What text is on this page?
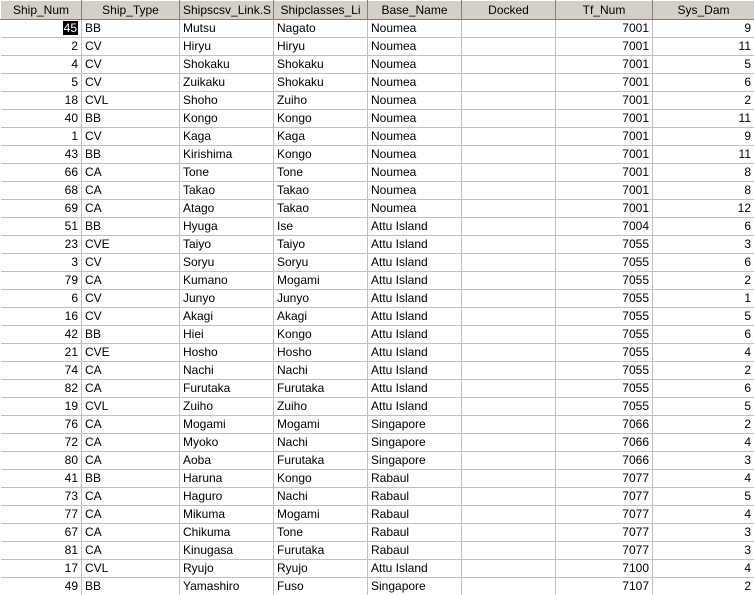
Ship_Num	Ship_Type	Shipscsv_Link.S	Shipclasses_Li	Base_Name	Docked	Tf_Num	Sys_Dam
45	BB	Mutsu	Nagato	Noumea		7001	9
2	CV	Hiryu	Hiryu	Noumea		7001	11
4	CV	Shokaku	Shokaku	Noumea		7001	5
5	CV	Zuikaku	Shokaku	Noumea		7001	6
18	CVL	Shoho	Zuiho	Noumea		7001	2
40	BB	Kongo	Kongo	Noumea		7001	11
1	CV	Kaga	Kaga	Noumea		7001	9
43	BB	Kirishima	Kongo	Noumea		7001	11
66	CA	Tone	Tone	Noumea		7001	8
68	CA	Takao	Takao	Noumea		7001	8
69	CA	Atago	Takao	Noumea		7001	12
51	BB	Hyuga	Ise	Attu Island		7004	6
23	CVE	Taiyo	Taiyo	Attu Island		7055	3
3	CV	Soryu	Soryu	Attu Island		7055	6
79	CA	Kumano	Mogami	Attu Island		7055	2
6	CV	Junyo	Junyo	Attu Island		7055	1
16	CV	Akagi	Akagi	Attu Island		7055	5
42	BB	Hiei	Kongo	Attu Island		7055	6
21	CVE	Hosho	Hosho	Attu Island		7055	4
74	CA	Nachi	Nachi	Attu Island		7055	2
82	CA	Furutaka	Furutaka	Attu Island		7055	6
19	CVL	Zuiho	Zuiho	Attu Island		7055	5
76	CA	Mogami	Mogami	Singapore		7066	2
72	CA	Myoko	Nachi	Singapore		7066	4
80	CA	Aoba	Furutaka	Singapore		7066	3
41	BB	Haruna	Kongo	Rabaul		7077	4
73	CA	Haguro	Nachi	Rabaul		7077	5
77	CA	Mikuma	Mogami	Rabaul		7077	4
67	CA	Chikuma	Tone	Rabaul		7077	3
81	CA	Kinugasa	Furutaka	Rabaul		7077	3
17	CVL	Ryujo	Ryujo	Attu Island		7100	4
49	BB	Yamashiro	Fuso	Singapore		7107	2
